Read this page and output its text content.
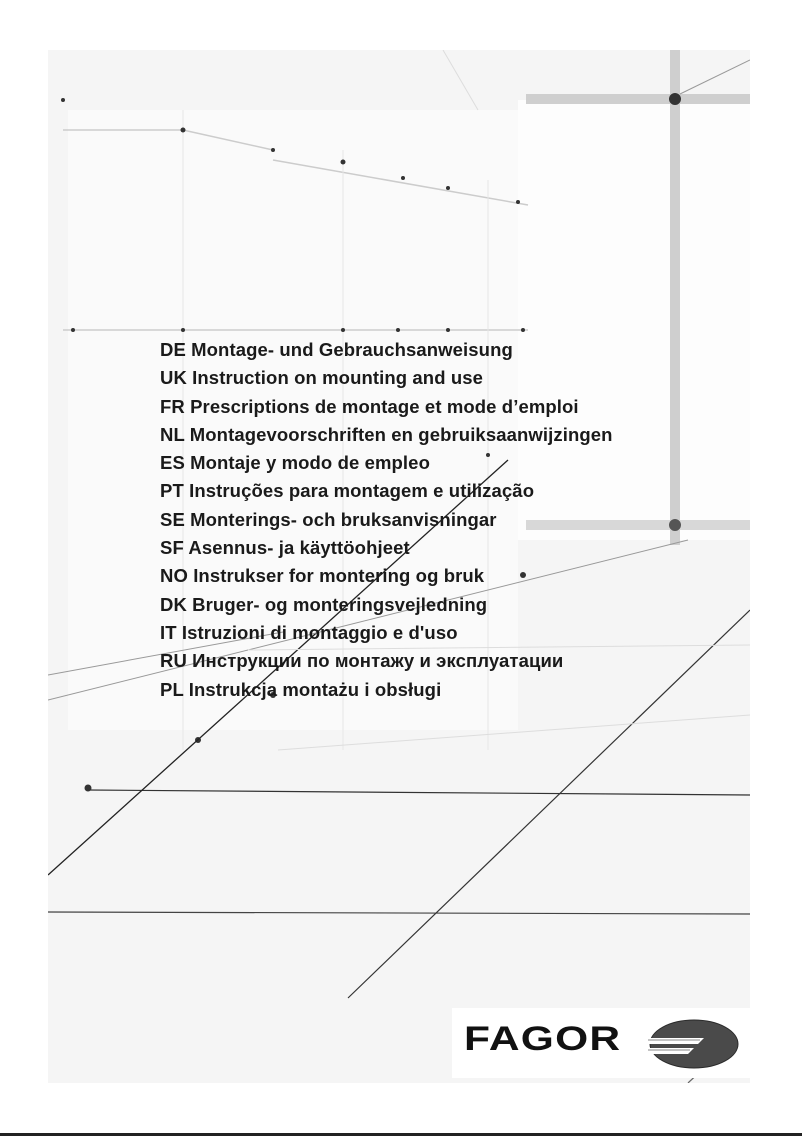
DE Montage- und Gebrauchsanweisung
UK Instruction on mounting and use
FR Prescriptions de montage et mode d’emploi
NL Montagevoorschriften en gebruiksaanwijzingen
ES Montaje y modo de empleo
PT Instruções para montagem e utilização
SE Monterings- och bruksanvisningar
SF Asennus- ja käyttöohjeet
NO Instrukser for montering og bruk
DK Bruger- og monteringsvejledning
IT Istruzioni di montaggio e d'uso
RU Инструкции по монтажу и эксплуатации
PL Instrukcja montażu i obsługi
FAGOR
